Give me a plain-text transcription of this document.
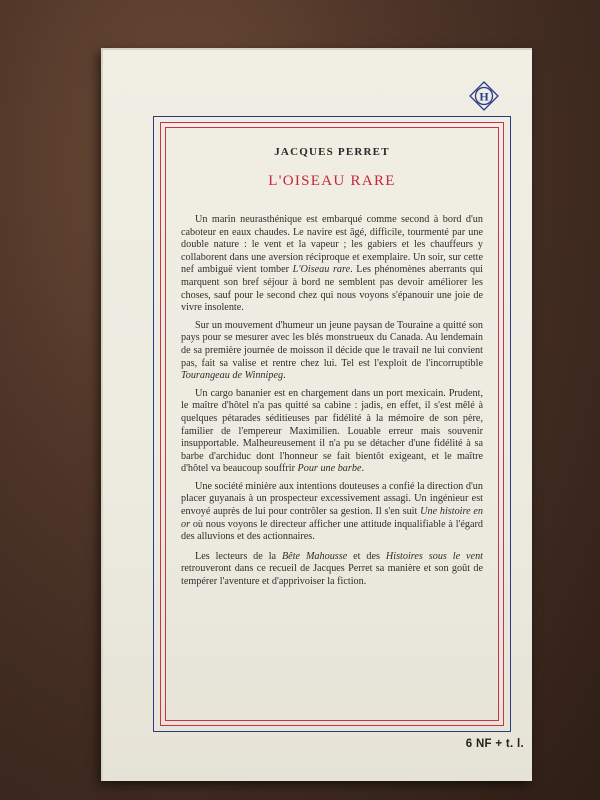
H
JACQUES PERRET
L'OISEAU RARE

Un marin neurasthénique est embarqué comme second à bord d'un caboteur en eaux chaudes. Le navire est âgé, difficile, tourmenté par une double nature : le vent et la vapeur ; les gabiers et les chauffeurs y collaborent dans une aversion réciproque et exemplaire. Un soir, sur cette nef ambiguë vient tomber L'Oiseau rare. Les phénomènes aberrants qui marquent son bref séjour à bord ne semblent pas devoir améliorer les choses, sauf pour le second chez qui nous voyons s'épanouir une joie de vivre insolente.

Sur un mouvement d'humeur un jeune paysan de Touraine a quitté son pays pour se mesurer avec les blés monstrueux du Canada. Au lendemain de sa première journée de moisson il décide que le travail ne lui convient pas, fait sa valise et rentre chez lui. Tel est l'exploit de l'incorruptible Tourangeau de Winnipeg.

Un cargo bananier est en chargement dans un port mexicain. Prudent, le maître d'hôtel n'a pas quitté sa cabine : jadis, en effet, il s'est mêlé à quelques pétarades séditieuses par fidélité à la mémoire de son père, familier de l'empereur Maximilien. Louable erreur mais souvenir insupportable. Malheureusement il n'a pu se détacher d'une fidélité à sa barbe d'archiduc dont l'honneur se fait bientôt exigeant, et le maître d'hôtel va beaucoup souffrir Pour une barbe.

Une société minière aux intentions douteuses a confié la direction d'un placer guyanais à un prospecteur excessivement assagi. Un ingénieur est envoyé auprès de lui pour contrôler sa gestion. Il s'en suit Une histoire en or où nous voyons le directeur afficher une attitude inqualifiable à l'égard des alluvions et des actionnaires.

Les lecteurs de la Bête Mahousse et des Histoires sous le vent retrouveront dans ce recueil de Jacques Perret sa manière et son goût de tempérer l'aventure et d'apprivoiser la fiction.

6 NF + t. l.
